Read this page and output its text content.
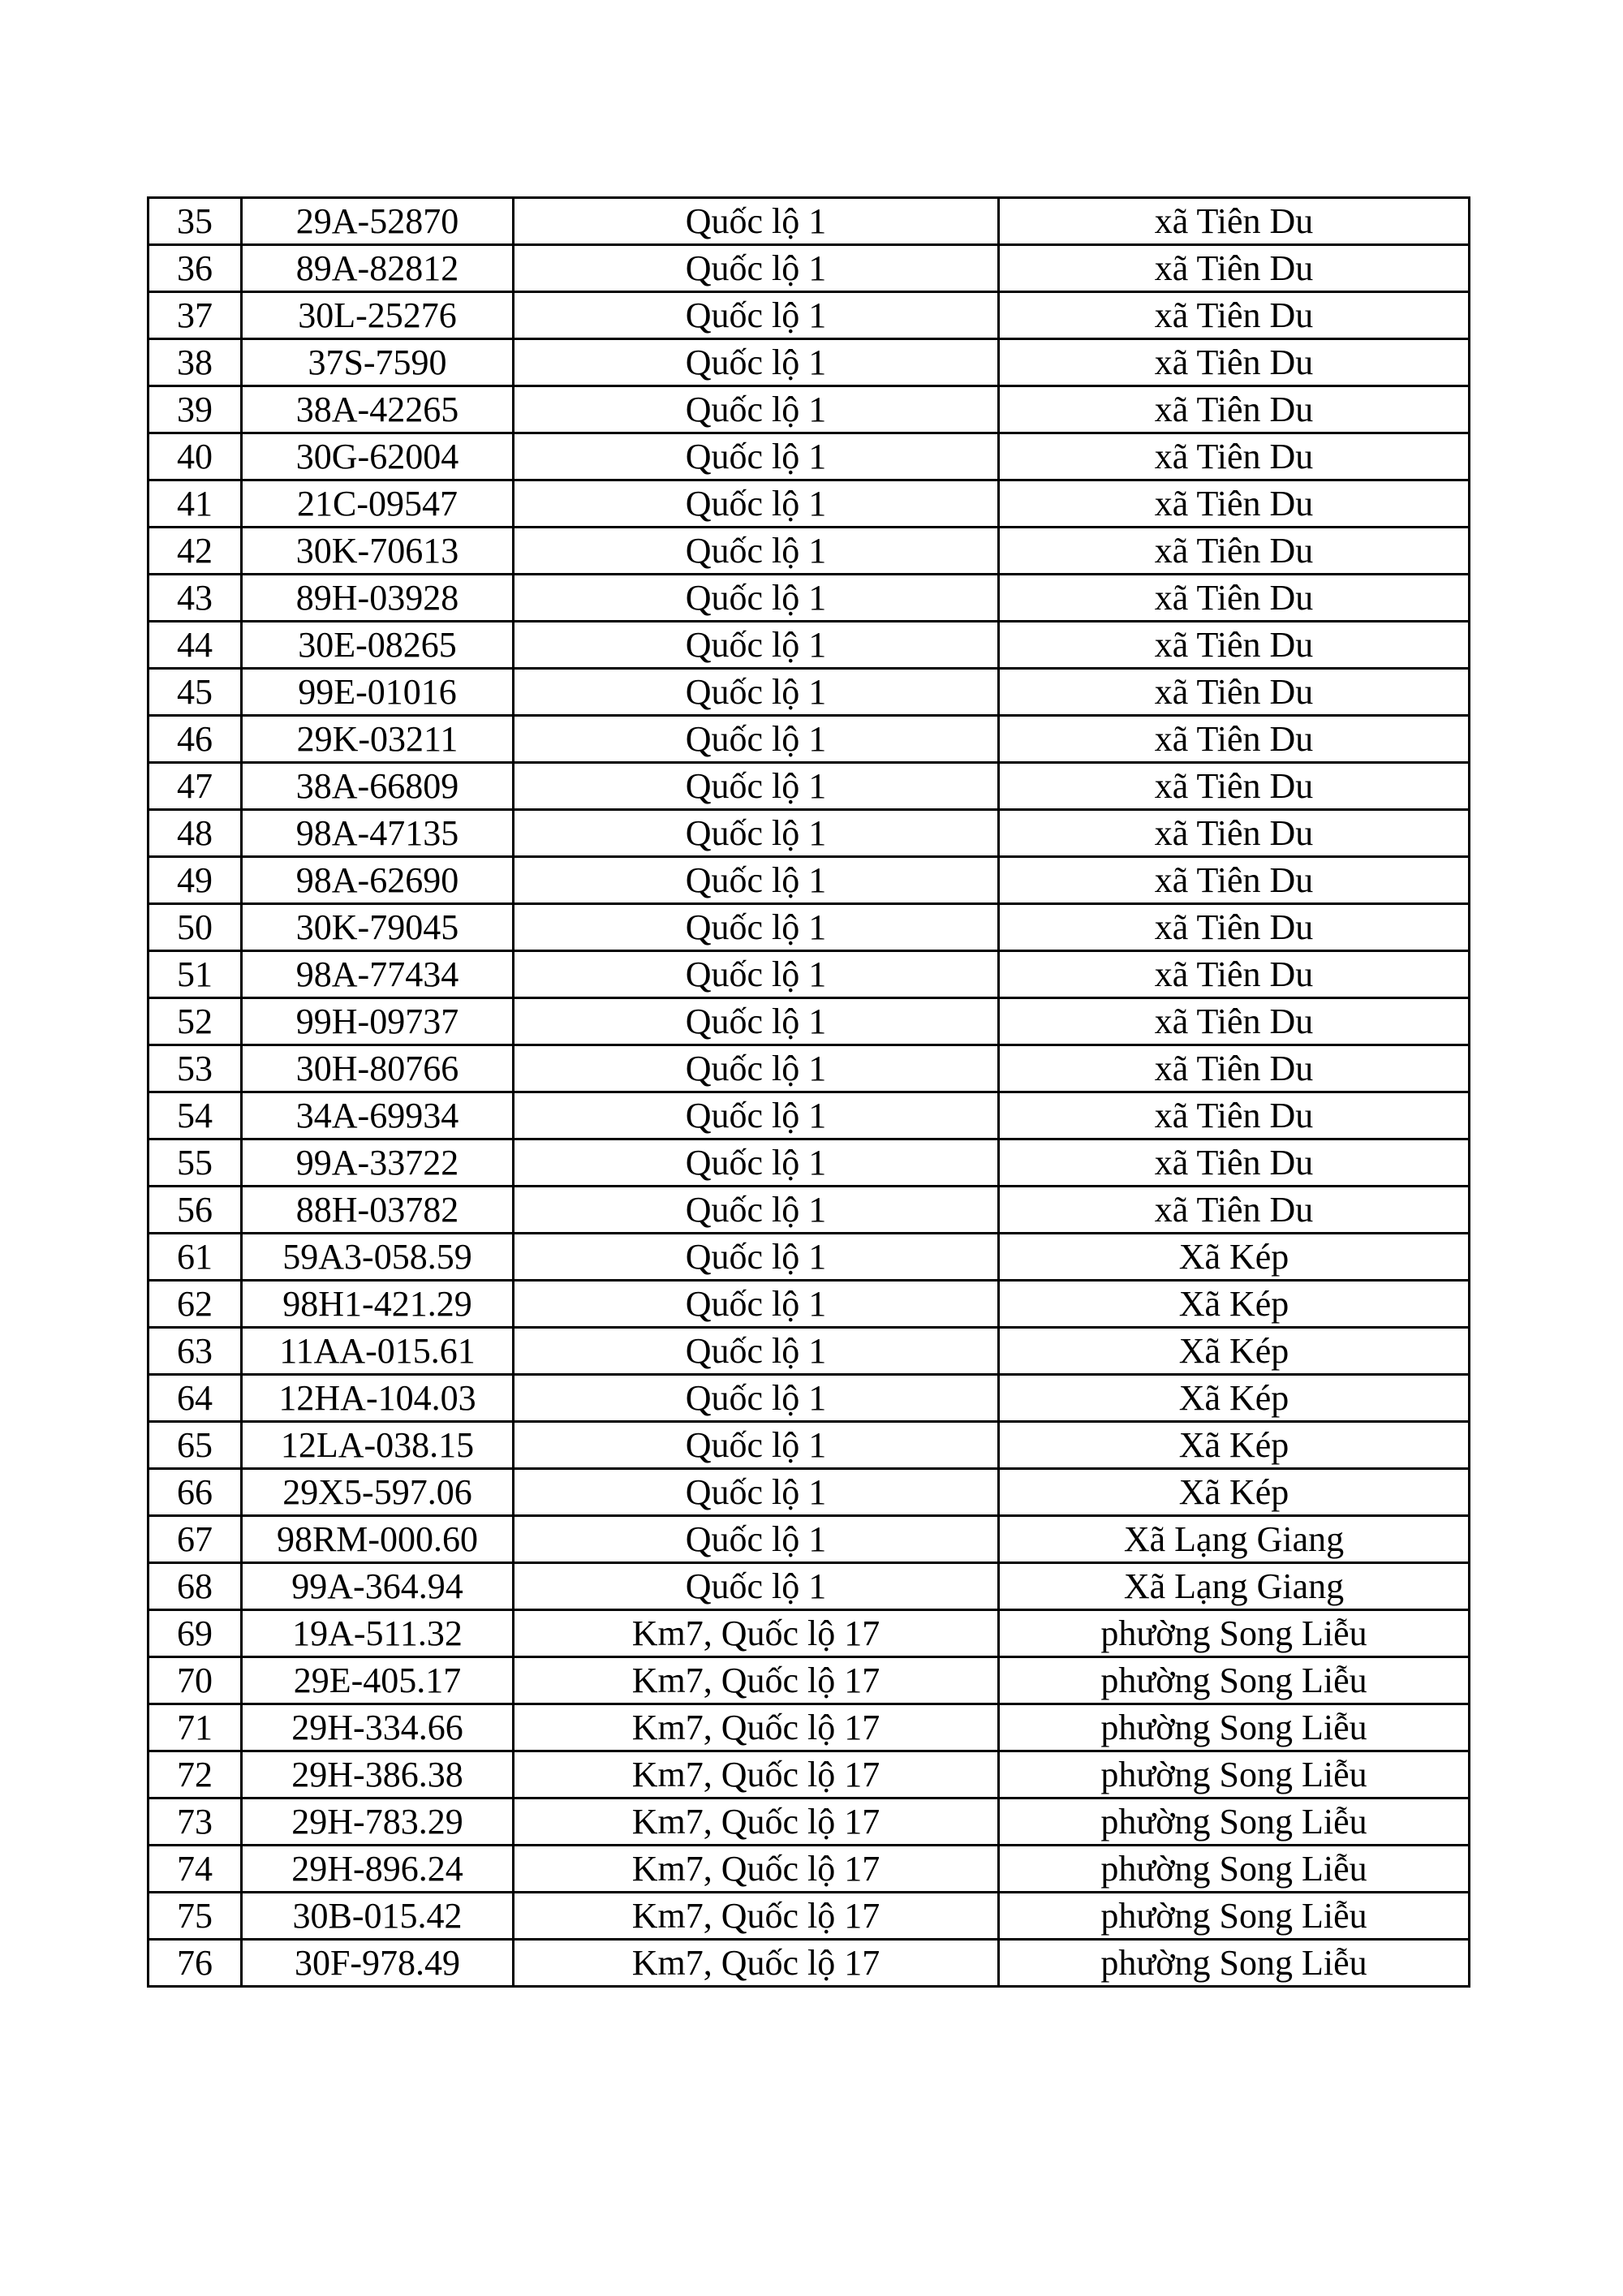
35	29A-52870	Quốc lộ 1	xã Tiên Du
36	89A-82812	Quốc lộ 1	xã Tiên Du
37	30L-25276	Quốc lộ 1	xã Tiên Du
38	37S-7590	Quốc lộ 1	xã Tiên Du
39	38A-42265	Quốc lộ 1	xã Tiên Du
40	30G-62004	Quốc lộ 1	xã Tiên Du
41	21C-09547	Quốc lộ 1	xã Tiên Du
42	30K-70613	Quốc lộ 1	xã Tiên Du
43	89H-03928	Quốc lộ 1	xã Tiên Du
44	30E-08265	Quốc lộ 1	xã Tiên Du
45	99E-01016	Quốc lộ 1	xã Tiên Du
46	29K-03211	Quốc lộ 1	xã Tiên Du
47	38A-66809	Quốc lộ 1	xã Tiên Du
48	98A-47135	Quốc lộ 1	xã Tiên Du
49	98A-62690	Quốc lộ 1	xã Tiên Du
50	30K-79045	Quốc lộ 1	xã Tiên Du
51	98A-77434	Quốc lộ 1	xã Tiên Du
52	99H-09737	Quốc lộ 1	xã Tiên Du
53	30H-80766	Quốc lộ 1	xã Tiên Du
54	34A-69934	Quốc lộ 1	xã Tiên Du
55	99A-33722	Quốc lộ 1	xã Tiên Du
56	88H-03782	Quốc lộ 1	xã Tiên Du
61	59A3-058.59	Quốc lộ 1	Xã Kép
62	98H1-421.29	Quốc lộ 1	Xã Kép
63	11AA-015.61	Quốc lộ 1	Xã Kép
64	12HA-104.03	Quốc lộ 1	Xã Kép
65	12LA-038.15	Quốc lộ 1	Xã Kép
66	29X5-597.06	Quốc lộ 1	Xã Kép
67	98RM-000.60	Quốc lộ 1	Xã Lạng Giang
68	99A-364.94	Quốc lộ 1	Xã Lạng Giang
69	19A-511.32	Km7, Quốc lộ 17	phường Song Liễu
70	29E-405.17	Km7, Quốc lộ 17	phường Song Liễu
71	29H-334.66	Km7, Quốc lộ 17	phường Song Liễu
72	29H-386.38	Km7, Quốc lộ 17	phường Song Liễu
73	29H-783.29	Km7, Quốc lộ 17	phường Song Liễu
74	29H-896.24	Km7, Quốc lộ 17	phường Song Liễu
75	30B-015.42	Km7, Quốc lộ 17	phường Song Liễu
76	30F-978.49	Km7, Quốc lộ 17	phường Song Liễu
